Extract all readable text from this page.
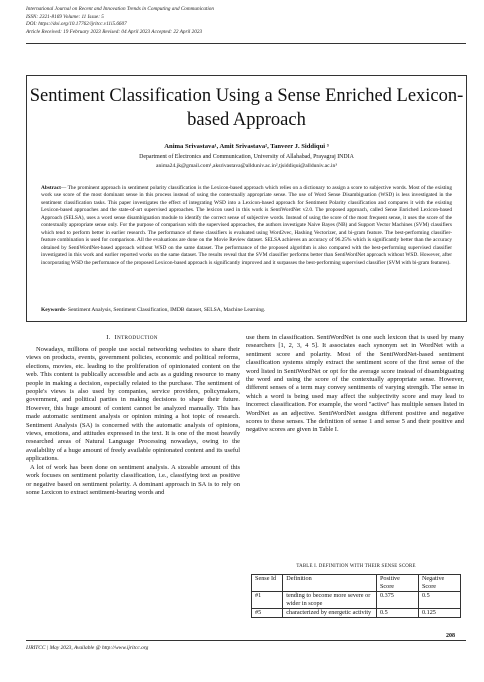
International Journal on Recent and Innovation Trends in Computing and Communication
ISSN: 2321-8169 Volume: 11 Issue: 5
DOI: https://doi.org/10.17762/ijritcc.v11i5.6607
Article Received: 19 February 2023 Revised: 04 April 2023 Accepted: 22 April 2023
Sentiment Classification Using a Sense Enriched Lexicon-based Approach
Anima Srivastava¹, Amit Srivastava², Tanveer J. Siddiqui ³
Department of Electronics and Communication, University of Allahabad, Prayagraj INDIA
anima24.jk@gmail.com¹,aksrivastava@allduniv.ac.in²,tjsiddiqui@allduniv.ac.in³
Abstract— The prominent approach in sentiment polarity classification is the Lexicon-based approach which relies on a dictionary to assign a score to subjective words. Most of the existing work use score of the most dominant sense in this process instead of using the contextually appropriate sense. The use of Word Sense Disambiguation (WSD) is less investigated in the sentiment classification tasks. This paper investigates the effect of integrating WSD into a Lexicon-based approach for Sentiment Polarity classification and compares it with the existing Lexicon-based approaches and the state-of-art supervised approaches. The lexicon used in this work is SentiWordNet v2.0. The proposed approach, called Sense Enriched Lexicon-based Approach (SELSA), uses a word sense disambiguation module to identify the correct sense of subjective words. Instead of using the score of the most frequent sense, it uses the score of the contextually appropriate sense only. For the purpose of comparison with the supervised approaches, the authors investigate Naive Bayes (NB) and Support Vector Machines (SVM) classifiers which tend to perform better in earlier research. The performance of these classifiers is evaluated using Word2vec, Hashing Vectorizer, and bi-gram feature. The best-performing classifier-feature combination is used for comparison. All the evaluations are done on the Movie Review dataset. SELSA achieves an accuracy of 96.25% which is significantly better than the accuracy obtained by SentiWordNet-based approach without WSD on the same dataset. The performance of the proposed algorithm is also compared with the best-performing supervised classifier investigated in this work and earlier reported works on the same dataset. The results reveal that the SVM classifier performs better than SentiWordNet approach without WSD. However, after incorporating WSD the performance of the proposed Lexicon-based approach is significantly improved and it surpasses the best-performing supervised classifier (SVM with bi-gram features).
Keywords- Sentiment Analysis, Sentiment Classification, IMDB dataset, SELSA, Machine Learning.
I. INTRODUCTION

Nowadays, millions of people use social networking websites to share their views on products, events, government policies, economic and political reforms, elections, movies, etc. leading to the proliferation of opinionated content on the web. This content is publically accessible and acts as a guiding resource to many people in making a decision, especially related to the purchase. The sentiment of people's views is also used by companies, service providers, policymakers, government, and political parties in making decisions to shape their future. However, this huge amount of content cannot be analyzed manually. This has made automatic sentiment analysis or opinion mining a hot topic of research. Sentiment Analysis (SA) is concerned with the automatic analysis of opinions, views, emotions, and attitudes expressed in the text. It is one of the most heavily researched areas of Natural Language Processing nowadays, owing to the availability of a huge amount of freely available opinionated content and its useful applications.

A lot of work has been done on sentiment analysis. A sizeable amount of this work focuses on sentiment polarity classification, i.e., classifying text as positive or negative based on sentiment polarity. A dominant approach in SA is to rely on some Lexicon to extract sentiment-bearing words and

use them in classification. SentiWordNet is one such lexicon that is used by many researchers [1, 2, 3, 4 5]. It associates each synonym set in WordNet with a sentiment score and polarity. Most of the SentiWordNet-based sentiment classification systems simply extract the sentiment score of the first sense of the word listed in SentiWordNet or opt for the average score instead of disambiguating the word and using the score of the contextually appropriate sense. However, different senses of a term may convey sentiments of varying strength. The sense in which a word is being used may affect the subjectivity score and may lead to incorrect classification. For example, the word "active" has multiple senses listed in WordNet as an adjective. SentiWordNet assigns different positive and negative scores to these senses. The definition of sense 1 and sense 5 and their positive and negative scores are given in Table I.

TABLE I. DEFINITION WITH THEIR SENSE SCORE
Sense Id	Definition	Positive Score	Negative Score
#1	tending to become more severe or wider in scope	0.375	0.5
#5	characterized by energetic activity	0.5	0.125
208
IJRITCC | May 2023, Available @ http://www.ijritcc.org
